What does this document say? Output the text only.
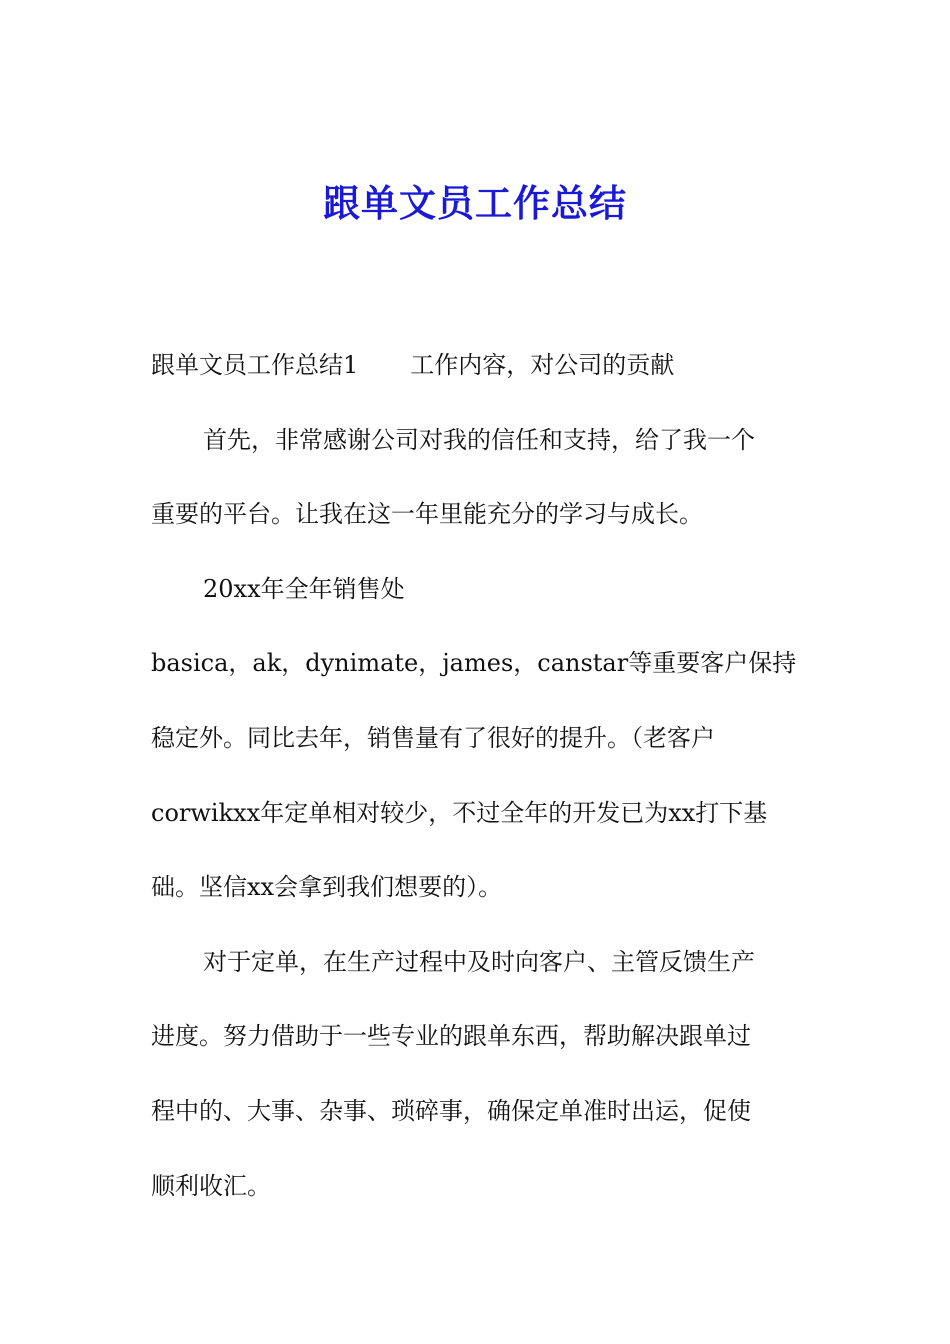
跟单文员工作总结
跟单文员工作总结1 工作内容，对公司的贡献
首先，非常感谢公司对我的信任和支持，给了我一个
重要的平台。让我在这一年里能充分的学习与成长。
20xx年全年销售处
basica，ak，dynimate，james，canstar等重要客户保持
稳定外。同比去年，销售量有了很好的提升。（老客户
corwikxx年定单相对较少，不过全年的开发已为xx打下基
础。坚信xx会拿到我们想要的）。
对于定单，在生产过程中及时向客户、主管反馈生产
进度。努力借助于一些专业的跟单东西，帮助解决跟单过
程中的、大事、杂事、琐碎事，确保定单准时出运，促使
顺利收汇。
